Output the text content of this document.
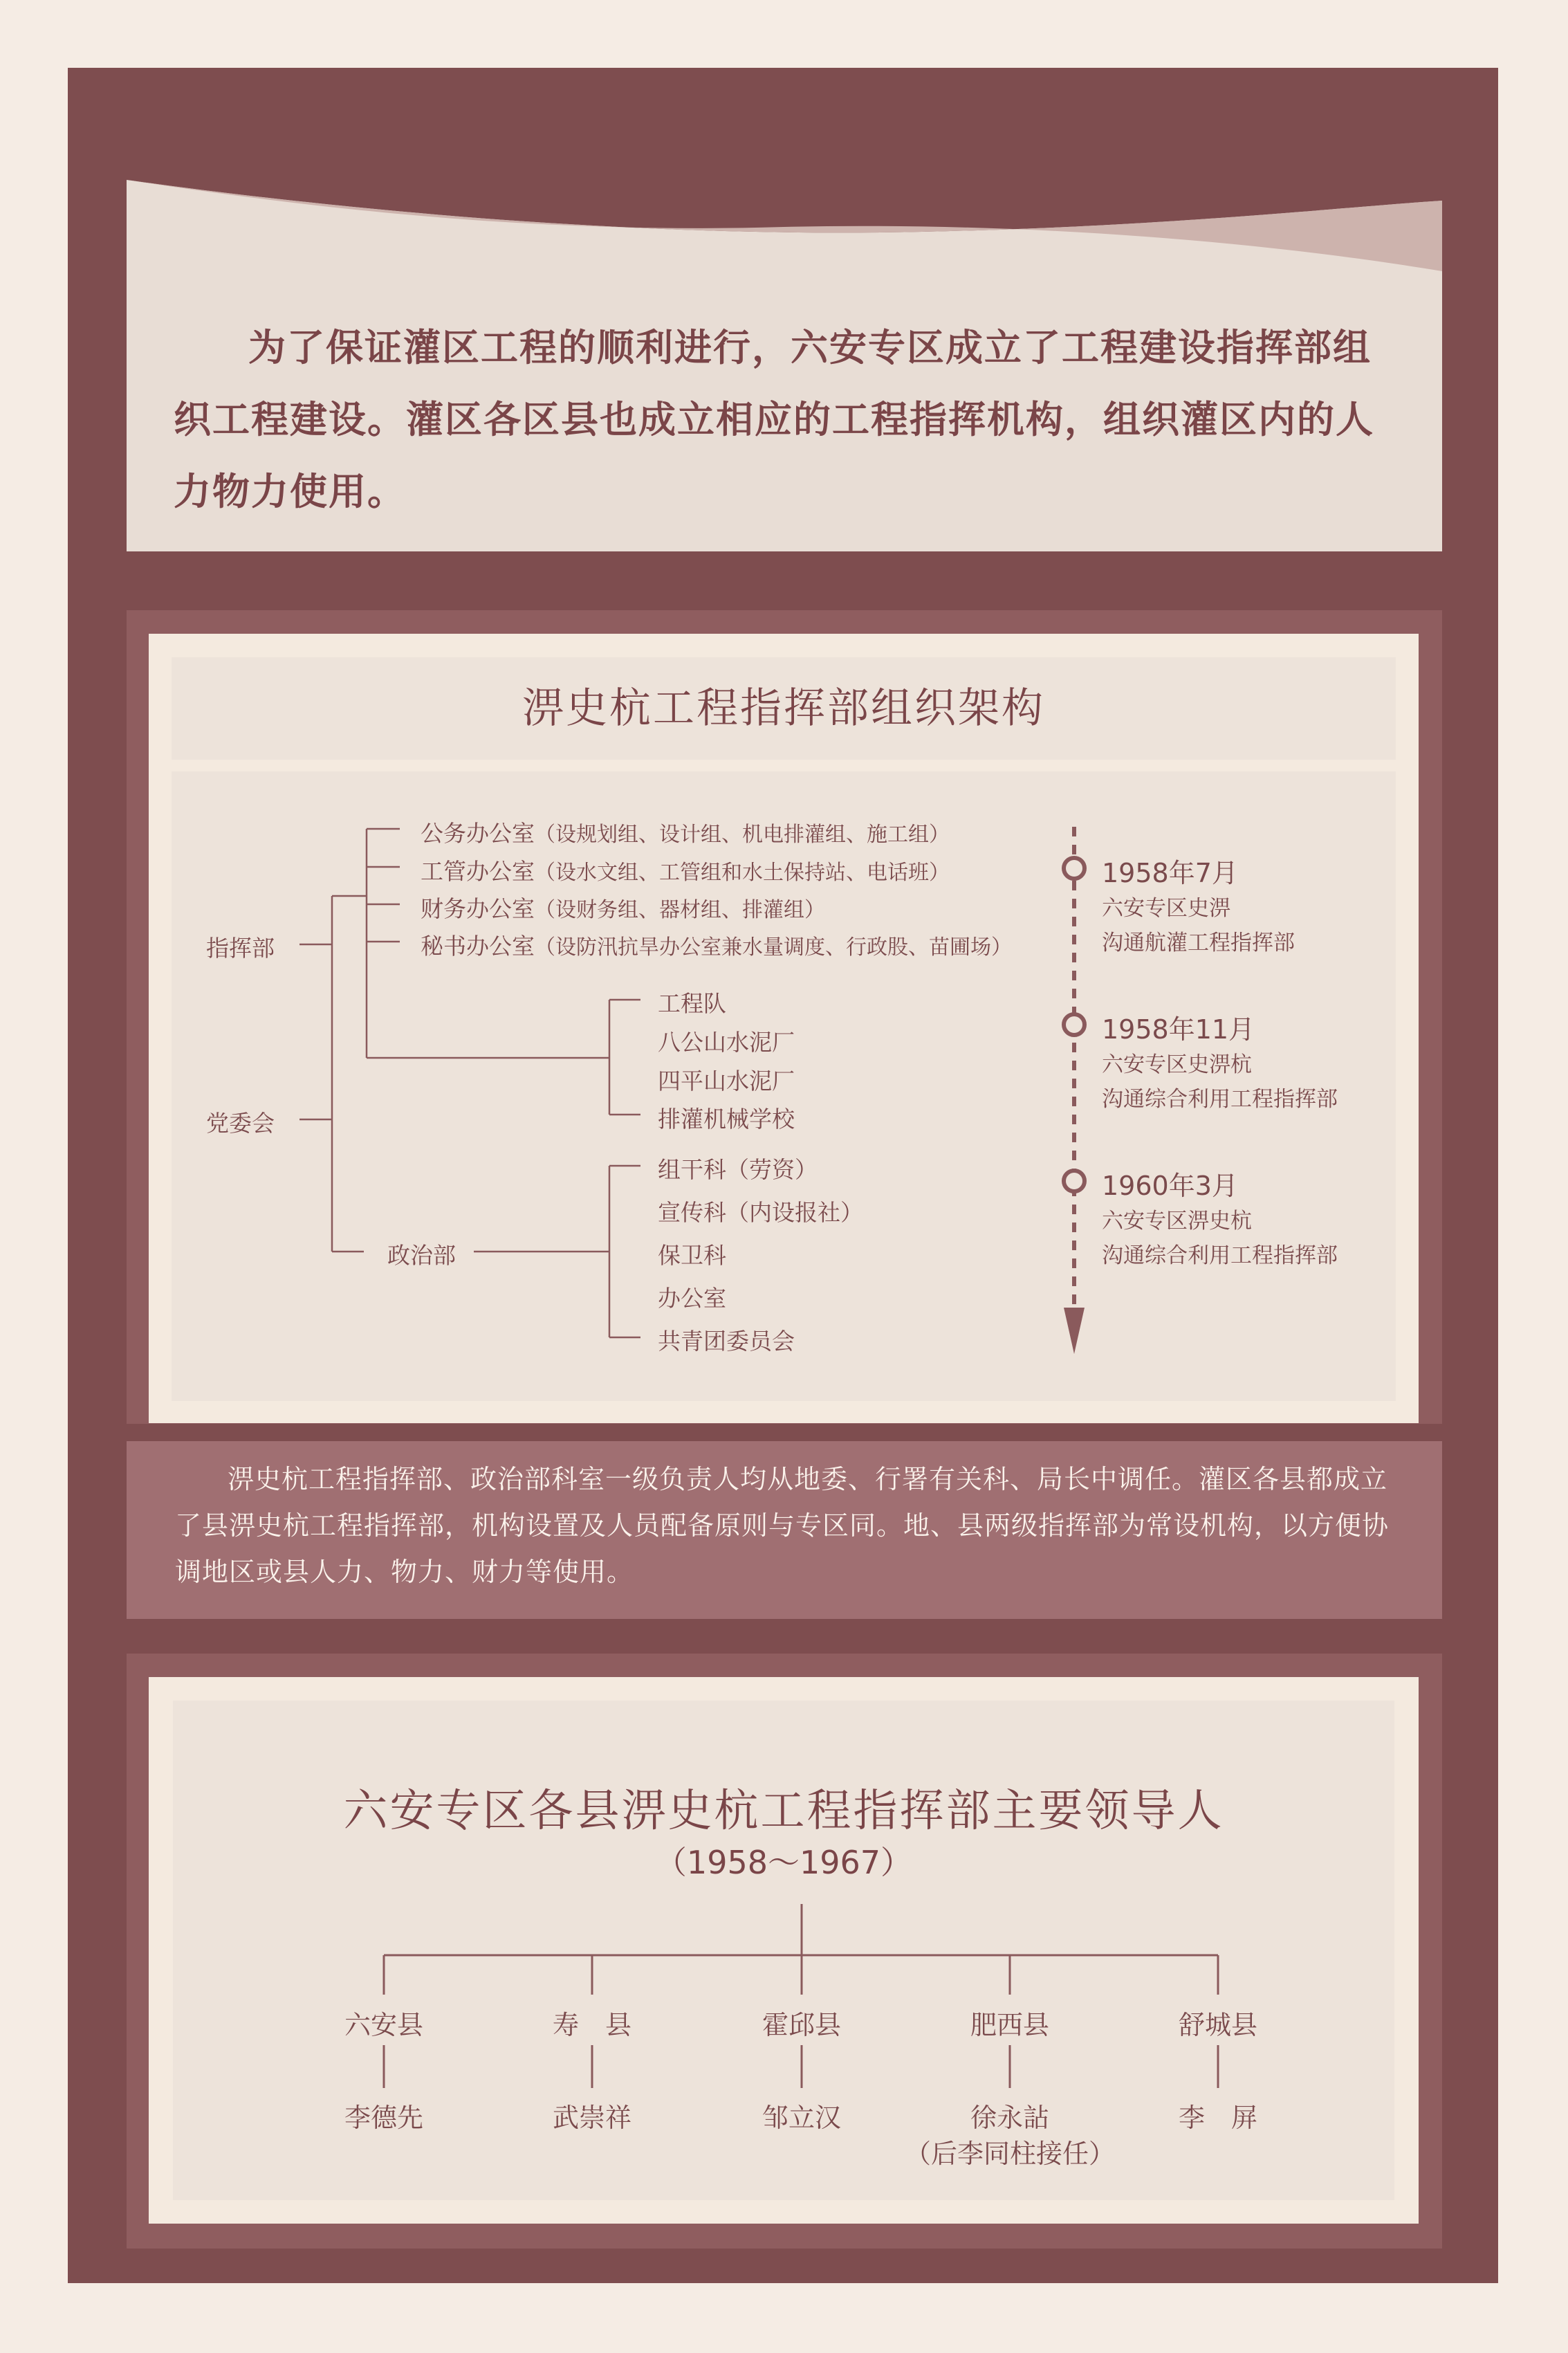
为了保证灌区工程的顺利进行，六安专区成立了工程建设指挥部组织工程建设。灌区各区县也成立相应的工程指挥机构，组织灌区内的人力物力使用。

淠史杭工程指挥部组织架构
指挥部
党委会
公务办公室（设规划组、设计组、机电排灌组、施工组）
工管办公室（设水文组、工管组和水土保持站、电话班）
财务办公室（设财务组、器材组、排灌组）
秘书办公室（设防汛抗旱办公室兼水量调度、行政股、苗圃场）
工程队
八公山水泥厂
四平山水泥厂
排灌机械学校
政治部
组干科（劳资）
宣传科（内设报社）
保卫科
办公室
共青团委员会
1958年7月
六安专区史淠
沟通航灌工程指挥部
1958年11月
六安专区史淠杭
沟通综合利用工程指挥部
1960年3月
六安专区淠史杭
沟通综合利用工程指挥部

淠史杭工程指挥部、政治部科室一级负责人均从地委、行署有关科、局长中调任。灌区各县都成立了县淠史杭工程指挥部，机构设置及人员配备原则与专区同。地、县两级指挥部为常设机构，以方便协调地区或县人力、物力、财力等使用。

六安专区各县淠史杭工程指挥部主要领导人
（1958～1967）
六安县	寿　县	霍邱县	肥西县	舒城县
李德先	武崇祥	邹立汉	徐永詀	李　屏
（后李同柱接任）
